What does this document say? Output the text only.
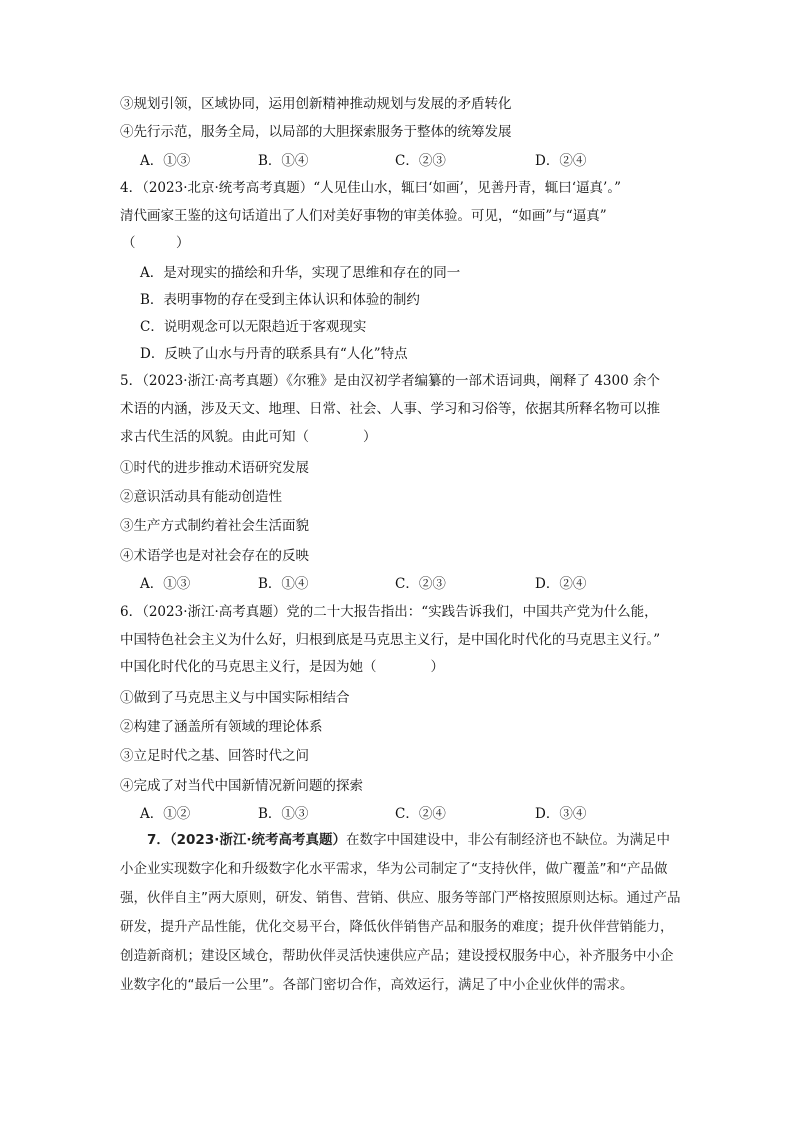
③规划引领，区域协同，运用创新精神推动规划与发展的矛盾转化
④先行示范，服务全局，以局部的大胆探索服务于整体的统筹发展
A．①③	B．①④	C．②③	D．②④
4．（2023·北京·统考高考真题）“人见佳山水，辄曰‘如画’，见善丹青，辄曰‘逼真’。”
清代画家王鉴的这句话道出了人们对美好事物的审美体验。可见，“如画”与“逼真”
（　　　）
A．是对现实的描绘和升华，实现了思维和存在的同一
B．表明事物的存在受到主体认识和体验的制约
C．说明观念可以无限趋近于客观现实
D．反映了山水与丹青的联系具有“人化”特点
5．（2023·浙江·高考真题）《尔雅》是由汉初学者编纂的一部术语词典，阐释了 4300 余个
术语的内涵，涉及天文、地理、日常、社会、人事、学习和习俗等，依据其所释名物可以推
求古代生活的风貌。由此可知（　　　　）
①时代的进步推动术语研究发展
②意识活动具有能动创造性
③生产方式制约着社会生活面貌
④术语学也是对社会存在的反映
A．①③	B．①④	C．②③	D．②④
6．（2023·浙江·高考真题）党的二十大报告指出：“实践告诉我们，中国共产党为什么能，
中国特色社会主义为什么好，归根到底是马克思主义行，是中国化时代化的马克思主义行。”
中国化时代化的马克思主义行，是因为她（　　　　）
①做到了马克思主义与中国实际相结合
②构建了涵盖所有领域的理论体系
③立足时代之基、回答时代之问
④完成了对当代中国新情况新问题的探索
A．①②	B．①③	C．②④	D．③④
7．（2023·浙江·统考高考真题）在数字中国建设中，非公有制经济也不缺位。为满足中小企业实现数字化和升级数字化水平需求，华为公司制定了“支持伙伴，做广覆盖”和“产品做强，伙伴自主”两大原则，研发、销售、营销、供应、服务等部门严格按照原则达标。通过产品研发，提升产品性能，优化交易平台，降低伙伴销售产品和服务的难度；提升伙伴营销能力，创造新商机；建设区域仓，帮助伙伴灵活快速供应产品；建设授权服务中心，补齐服务中小企业数字化的“最后一公里”。各部门密切合作，高效运行，满足了中小企业伙伴的需求。
